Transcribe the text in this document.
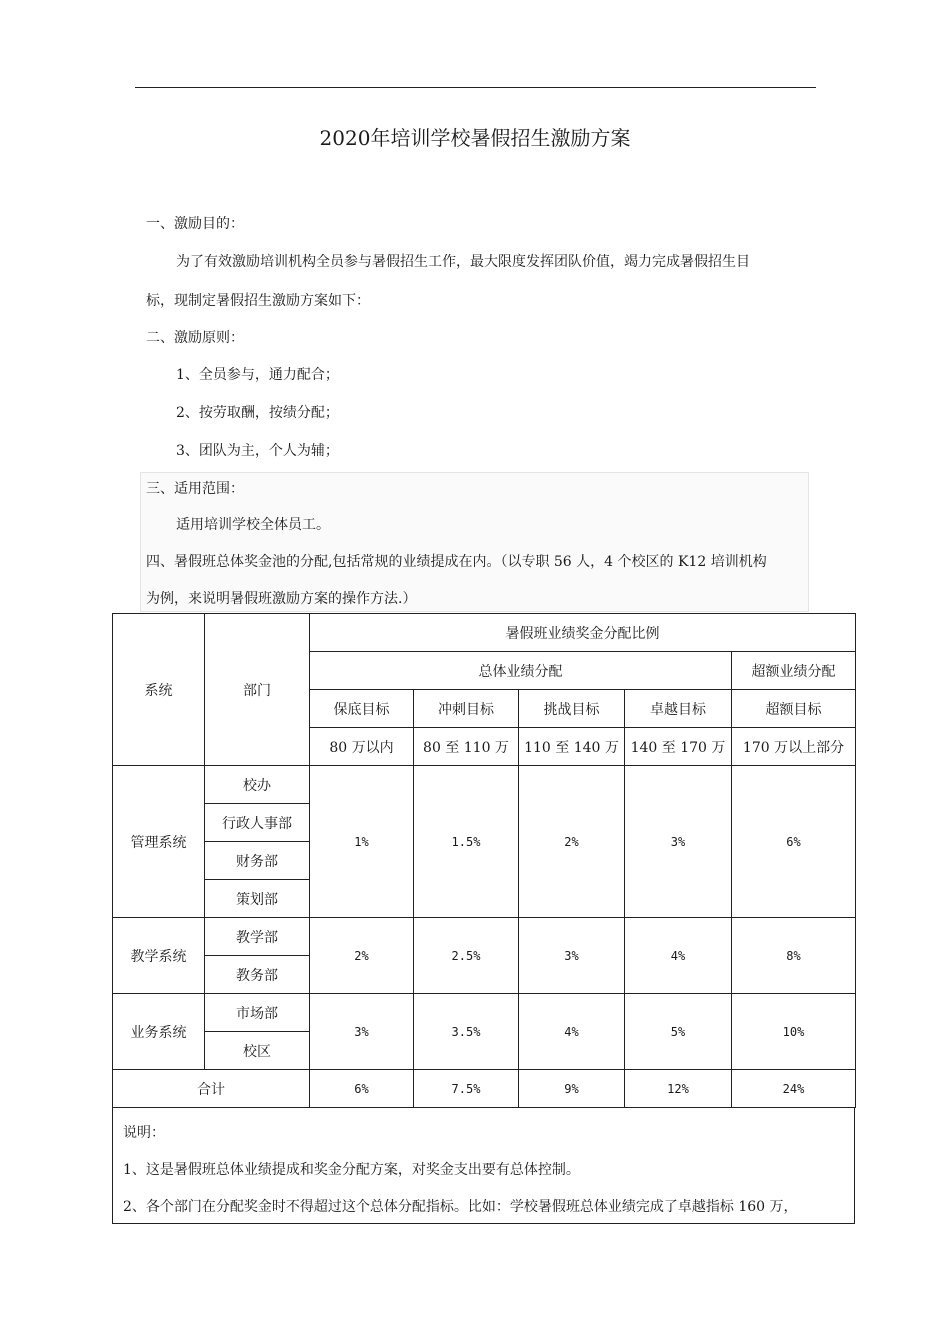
2020年培训学校暑假招生激励方案
一、激励目的：
为了有效激励培训机构全员参与暑假招生工作，最大限度发挥团队价值，竭力完成暑假招生目
标，现制定暑假招生激励方案如下：
二、激励原则：
1、全员参与，通力配合；
2、按劳取酬，按绩分配；
3、团队为主，个人为辅；
三、适用范围：
适用培训学校全体员工。
四、暑假班总体奖金池的分配,包括常规的业绩提成在内。（以专职 56 人，4 个校区的 K12 培训机构
为例，来说明暑假班激励方案的操作方法.）
系统	部门	暑假班业绩奖金分配比例				
		总体业绩分配				超额业绩分配
		保底目标	冲刺目标	挑战目标	卓越目标	超额目标
		80 万以内	80 至 110 万	110 至 140 万	140 至 170 万	170 万以上部分
管理系统	校办	1%	1.5%	2%	3%	6%
	行政人事部					
	财务部					
	策划部					
教学系统	教学部	2%	2.5%	3%	4%	8%
	教务部					
业务系统	市场部	3%	3.5%	4%	5%	10%
	校区					
合计		6%	7.5%	9%	12%	24%
说明：
1、这是暑假班总体业绩提成和奖金分配方案，对奖金支出要有总体控制。
2、各个部门在分配奖金时不得超过这个总体分配指标。比如：学校暑假班总体业绩完成了卓越指标 160 万，
